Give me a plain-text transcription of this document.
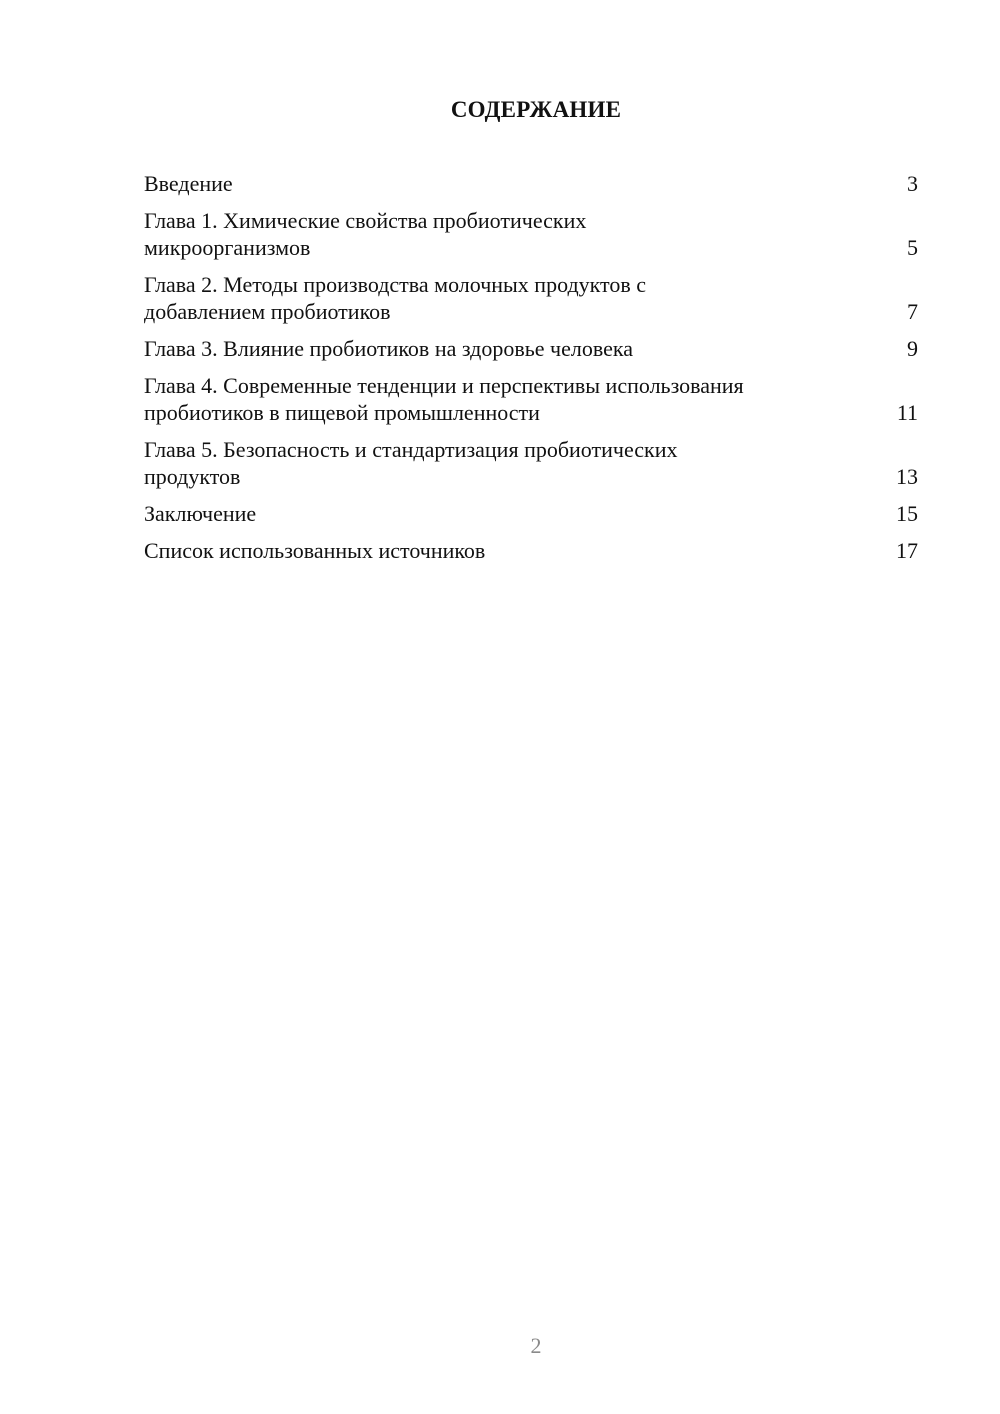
СОДЕРЖАНИЕ
Введение	3
Глава 1. Химические свойства пробиотических
микроорганизмов	5
Глава 2. Методы производства молочных продуктов с
добавлением пробиотиков	7
Глава 3. Влияние пробиотиков на здоровье человека	9
Глава 4. Современные тенденции и перспективы использования
пробиотиков в пищевой промышленности	11
Глава 5. Безопасность и стандартизация пробиотических
продуктов	13
Заключение	15
Список использованных источников	17
2
